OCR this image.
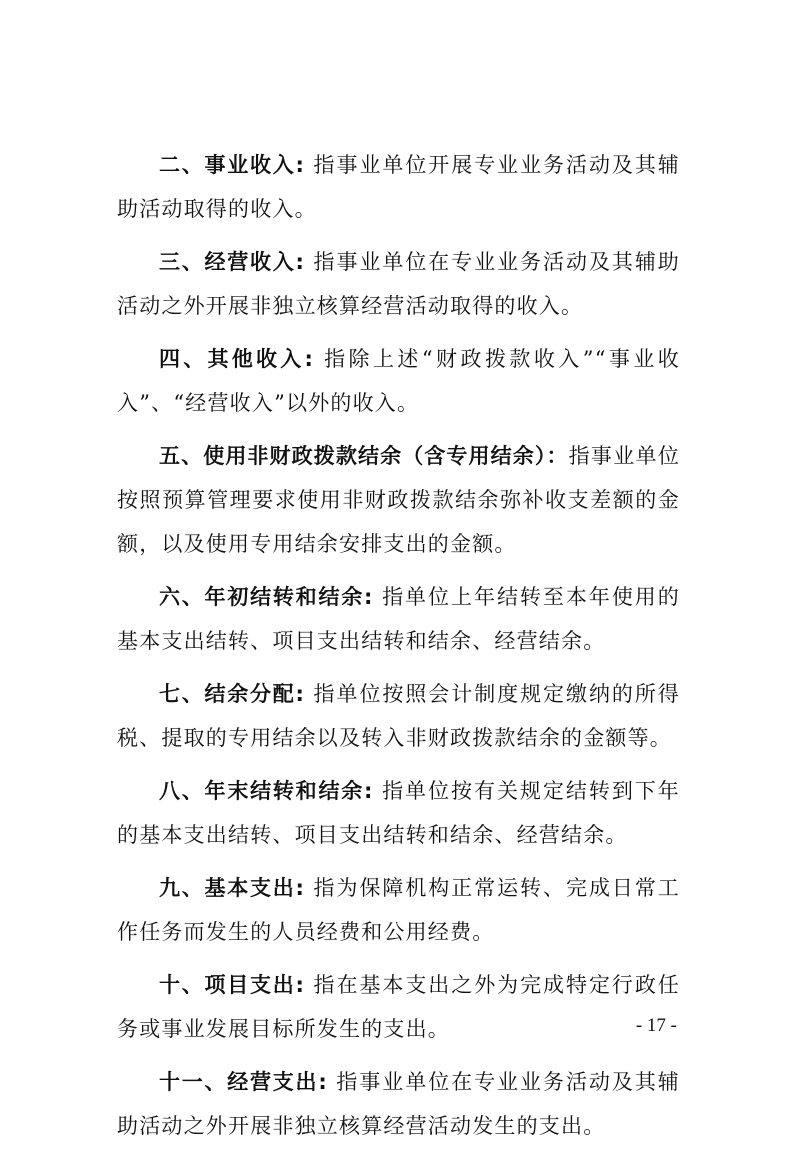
二、事业收入: 指事业单位开展专业业务活动及其辅助活动取得的收入。

三、经营收入: 指事业单位在专业业务活动及其辅助活动之外开展非独立核算经营活动取得的收入。

四、其他收入: 指除上述“财政拨款收入”“事业收入”、“经营收入”以外的收入。

五、使用非财政拨款结余（含专用结余）：指事业单位按照预算管理要求使用非财政拨款结余弥补收支差额的金额，以及使用专用结余安排支出的金额。

六、年初结转和结余: 指单位上年结转至本年使用的基本支出结转、项目支出结转和结余、经营结余。

七、结余分配: 指单位按照会计制度规定缴纳的所得税、提取的专用结余以及转入非财政拨款结余的金额等。

八、年末结转和结余: 指单位按有关规定结转到下年的基本支出结转、项目支出结转和结余、经营结余。

九、基本支出: 指为保障机构正常运转、完成日常工作任务而发生的人员经费和公用经费。

十、项目支出: 指在基本支出之外为完成特定行政任务或事业发展目标所发生的支出。

十一、经营支出: 指事业单位在专业业务活动及其辅助活动之外开展非独立核算经营活动发生的支出。

- 17 -
